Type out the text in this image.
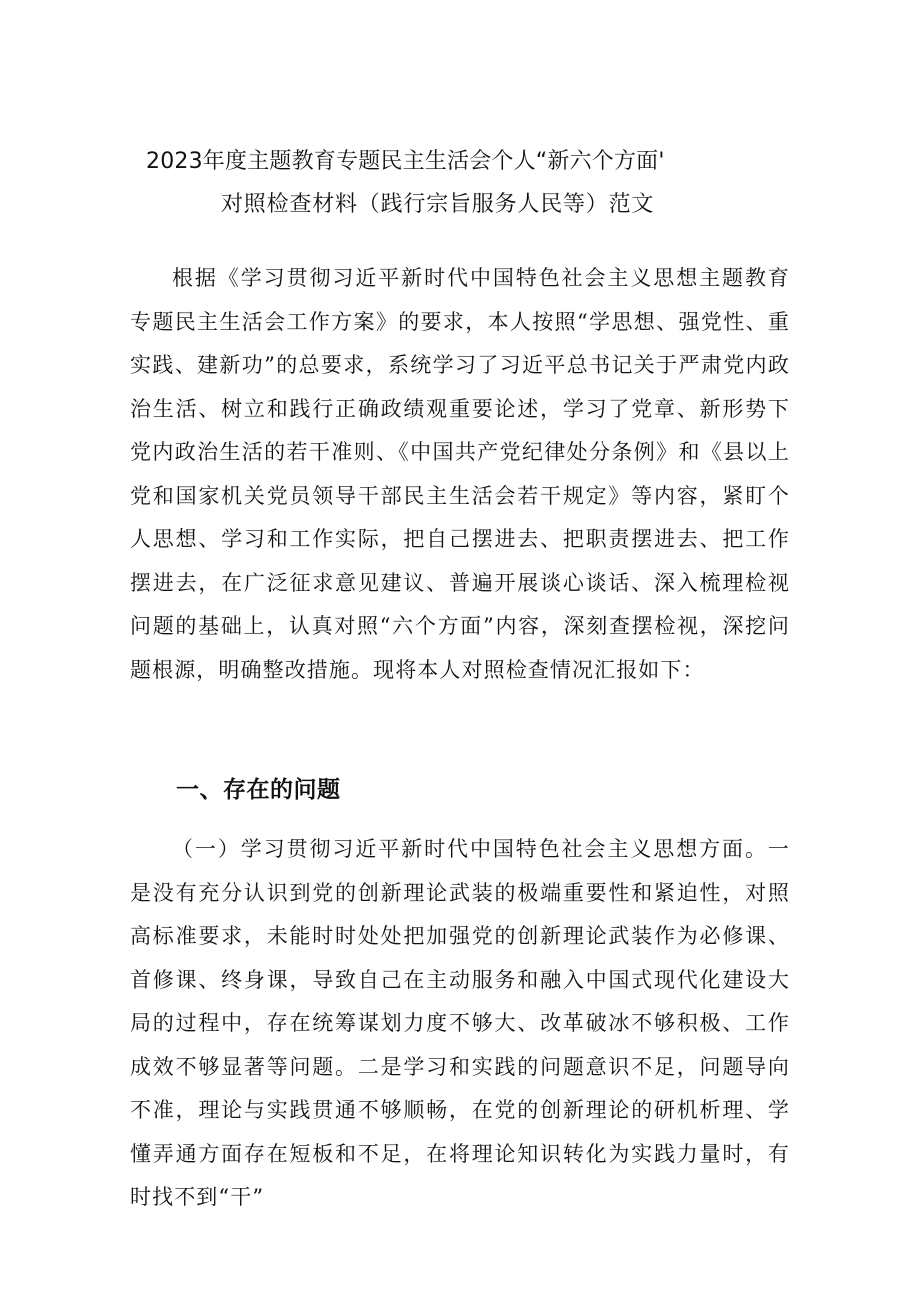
2023年度主题教育专题民主生活会个人“新六个方面'
对照检查材料（践行宗旨服务人民等）范文

根据《学习贯彻习近平新时代中国特色社会主义思想主题教育专题民主生活会工作方案》的要求，本人按照“学思想、强党性、重实践、建新功”的总要求，系统学习了习近平总书记关于严肃党内政治生活、树立和践行正确政绩观重要论述，学习了党章、新形势下党内政治生活的若干准则、《中国共产党纪律处分条例》和《县以上党和国家机关党员领导干部民主生活会若干规定》等内容，紧盯个人思想、学习和工作实际，把自己摆进去、把职责摆进去、把工作摆进去，在广泛征求意见建议、普遍开展谈心谈话、深入梳理检视问题的基础上，认真对照“六个方面”内容，深刻查摆检视，深挖问题根源，明确整改措施。现将本人对照检查情况汇报如下：

一、存在的问题

（一）学习贯彻习近平新时代中国特色社会主义思想方面。一是没有充分认识到党的创新理论武装的极端重要性和紧迫性，对照高标准要求，未能时时处处把加强党的创新理论武装作为必修课、首修课、终身课，导致自己在主动服务和融入中国式现代化建设大局的过程中，存在统筹谋划力度不够大、改革破冰不够积极、工作成效不够显著等问题。二是学习和实践的问题意识不足，问题导向不准，理论与实践贯通不够顺畅，在党的创新理论的研机析理、学懂弄通方面存在短板和不足，在将理论知识转化为实践力量时，有时找不到“干”
